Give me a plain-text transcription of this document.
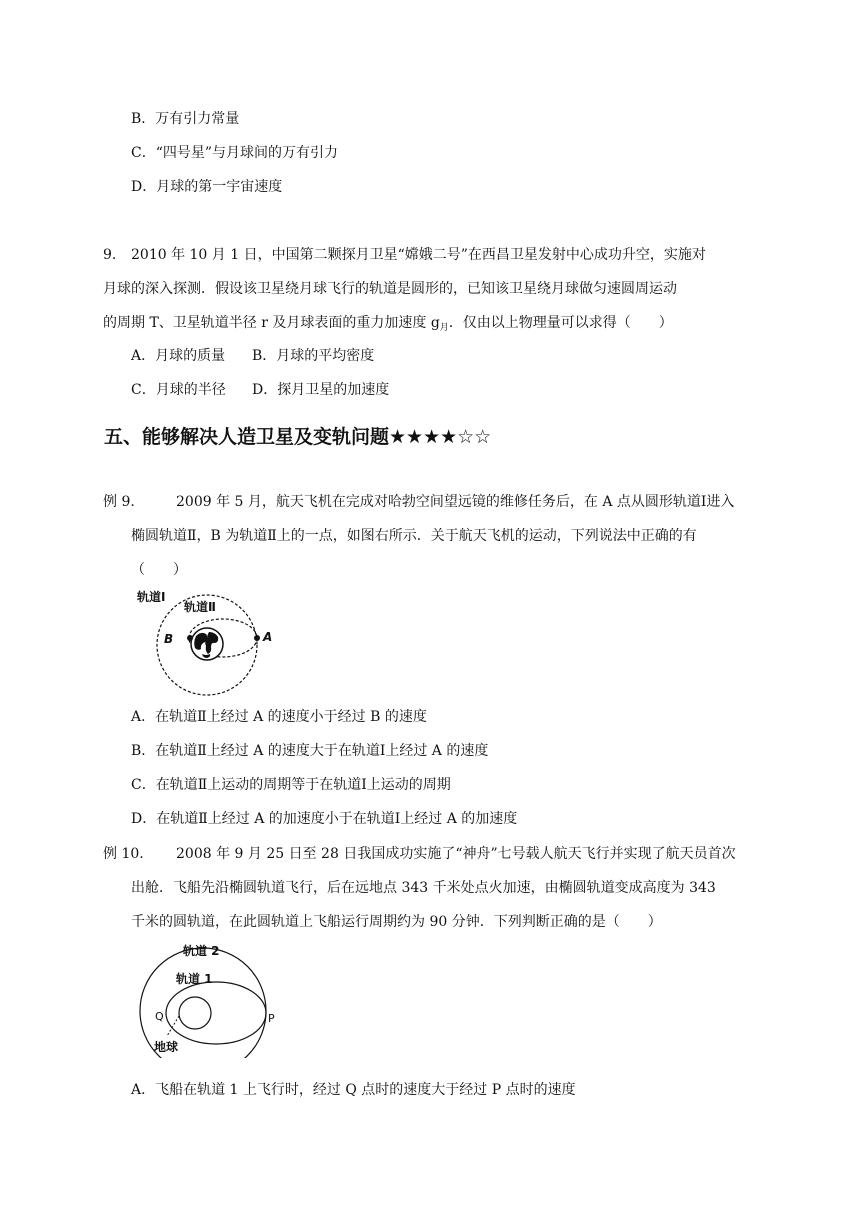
B．万有引力常量
C．“四号星”与月球间的万有引力
D．月球的第一宇宙速度
9. 2010 年 10 月 1 日，中国第二颗探月卫星“嫦娥二号”在西昌卫星发射中心成功升空，实施对
月球的深入探测．假设该卫星绕月球飞行的轨道是圆形的，已知该卫星绕月球做匀速圆周运动
的周期 T、卫星轨道半径 r 及月球表面的重力加速度 $g_月$．仅由以上物理量可以求得（　　）
A．月球的质量 B．月球的平均密度
C．月球的半径 D．探月卫星的加速度
五、能够解决人造卫星及变轨问题★★★★☆☆
例 9.	2009 年 5 月，航天飞机在完成对哈勃空间望远镜的维修任务后，在 A 点从圆形轨道Ⅰ进入
椭圆轨道Ⅱ，B 为轨道Ⅱ上的一点，如图右所示．关于航天飞机的运动，下列说法中正确的有
（　　）
轨道Ⅰ
轨道Ⅱ
B	A
A．在轨道Ⅱ上经过 A 的速度小于经过 B 的速度
B．在轨道Ⅱ上经过 A 的速度大于在轨道Ⅰ上经过 A 的速度
C．在轨道Ⅱ上运动的周期等于在轨道Ⅰ上运动的周期
D．在轨道Ⅱ上经过 A 的加速度小于在轨道Ⅰ上经过 A 的加速度
例 10. 2008 年 9 月 25 日至 28 日我国成功实施了“神舟”七号载人航天飞行并实现了航天员首次
出舱．飞船先沿椭圆轨道飞行，后在远地点 343 千米处点火加速，由椭圆轨道变成高度为 343
千米的圆轨道，在此圆轨道上飞船运行周期约为 90 分钟．下列判断正确的是（　　）
轨道 2
轨道 1
Q	P
地球
A．飞船在轨道 1 上飞行时，经过 Q 点时的速度大于经过 P 点时的速度
